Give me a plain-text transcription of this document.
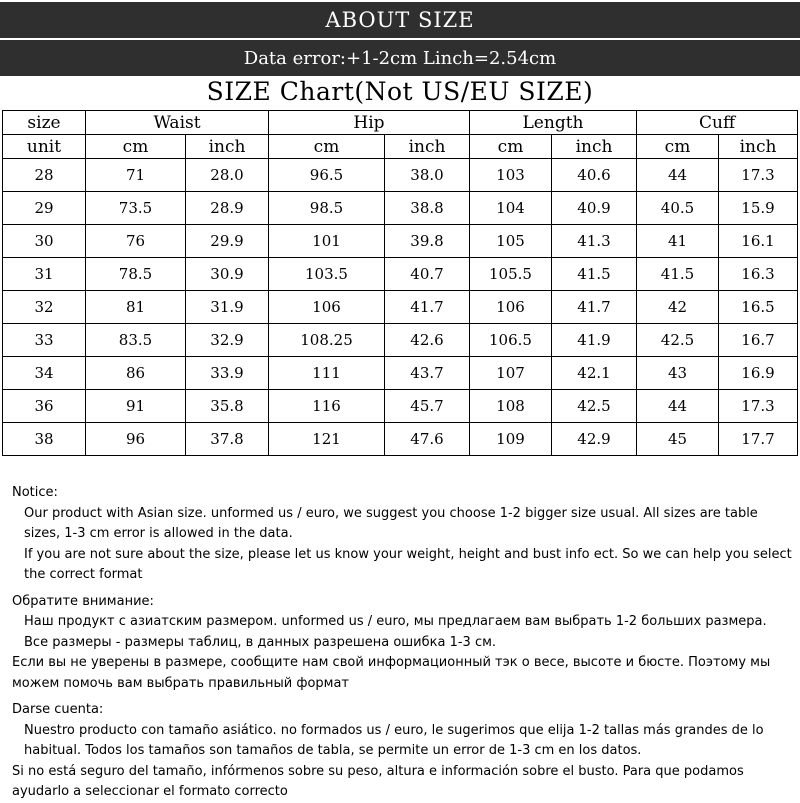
ABOUT SIZE
Data error:+1-2cm Linch=2.54cm
SIZE Chart(Not US/EU SIZE)
size	Waist		Hip		Length		Cuff	
unit	cm	inch	cm	inch	cm	inch	cm	inch
28	71	28.0	96.5	38.0	103	40.6	44	17.3
29	73.5	28.9	98.5	38.8	104	40.9	40.5	15.9
30	76	29.9	101	39.8	105	41.3	41	16.1
31	78.5	30.9	103.5	40.7	105.5	41.5	41.5	16.3
32	81	31.9	106	41.7	106	41.7	42	16.5
33	83.5	32.9	108.25	42.6	106.5	41.9	42.5	16.7
34	86	33.9	111	43.7	107	42.1	43	16.9
36	91	35.8	116	45.7	108	42.5	44	17.3
38	96	37.8	121	47.6	109	42.9	45	17.7

Notice:

Our product with Asian size. unformed us / euro, we suggest you choose 1-2 bigger size usual. All sizes are table sizes, 1-3 cm error is allowed in the data.

If you are not sure about the size, please let us know your weight, height and bust info ect. So we can help you select the correct format

Обратите внимание:

Наш продукт с азиатским размером. unformed us / euro, мы предлагаем вам выбрать 1-2 больших размера. Все размеры - размеры таблиц, в данных разрешена ошибка 1-3 см.

Если вы не уверены в размере, сообщите нам свой информационный тэк о весе, высоте и бюсте. Поэтому мы можем помочь вам выбрать правильный формат

Darse cuenta:

Nuestro producto con tamaño asiático. no formados us / euro, le sugerimos que elija 1-2 tallas más grandes de lo habitual. Todos los tamaños son tamaños de tabla, se permite un error de 1-3 cm en los datos.

Si no está seguro del tamaño, infórmenos sobre su peso, altura e información sobre el busto. Para que podamos ayudarlo a seleccionar el formato correcto
